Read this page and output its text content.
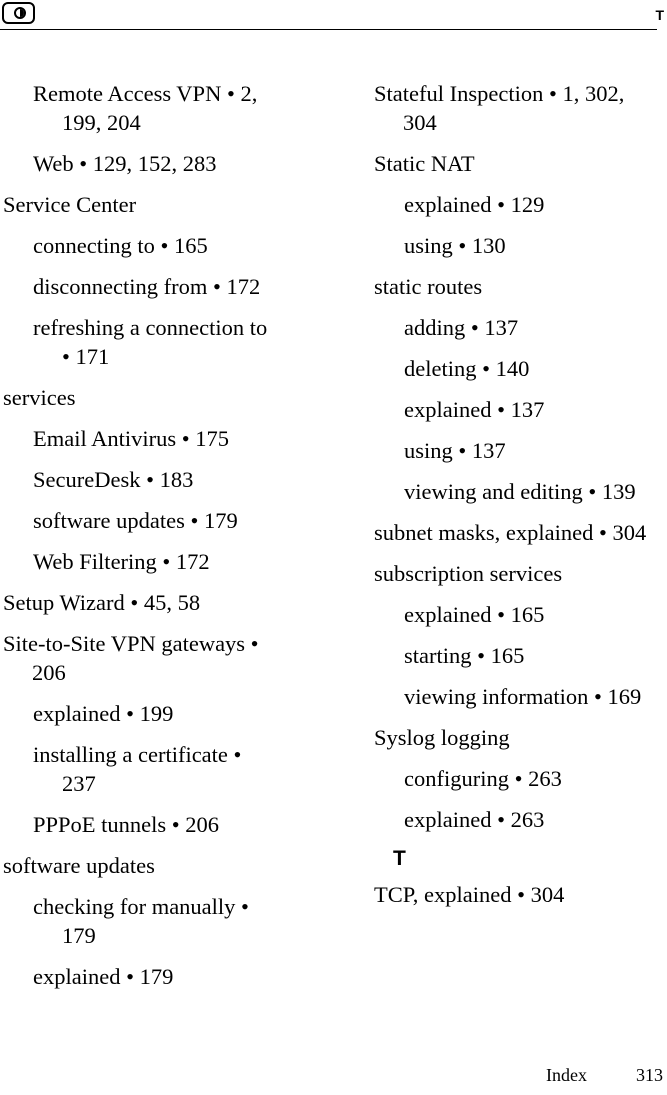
T
Remote Access VPN • 2, 199, 204
Web • 129, 152, 283
Service Center
connecting to • 165
disconnecting from • 172
refreshing a connection to • 171
services
Email Antivirus • 175
SecureDesk • 183
software updates • 179
Web Filtering • 172
Setup Wizard • 45, 58
Site-to-Site VPN gateways • 206
explained • 199
installing a certificate • 237
PPPoE tunnels • 206
software updates
checking for manually • 179
explained • 179
Stateful Inspection • 1, 302, 304
Static NAT
explained • 129
using • 130
static routes
adding • 137
deleting • 140
explained • 137
using • 137
viewing and editing • 139
subnet masks, explained • 304
subscription services
explained • 165
starting • 165
viewing information • 169
Syslog logging
configuring • 263
explained • 263
T
TCP, explained • 304
Index	313
